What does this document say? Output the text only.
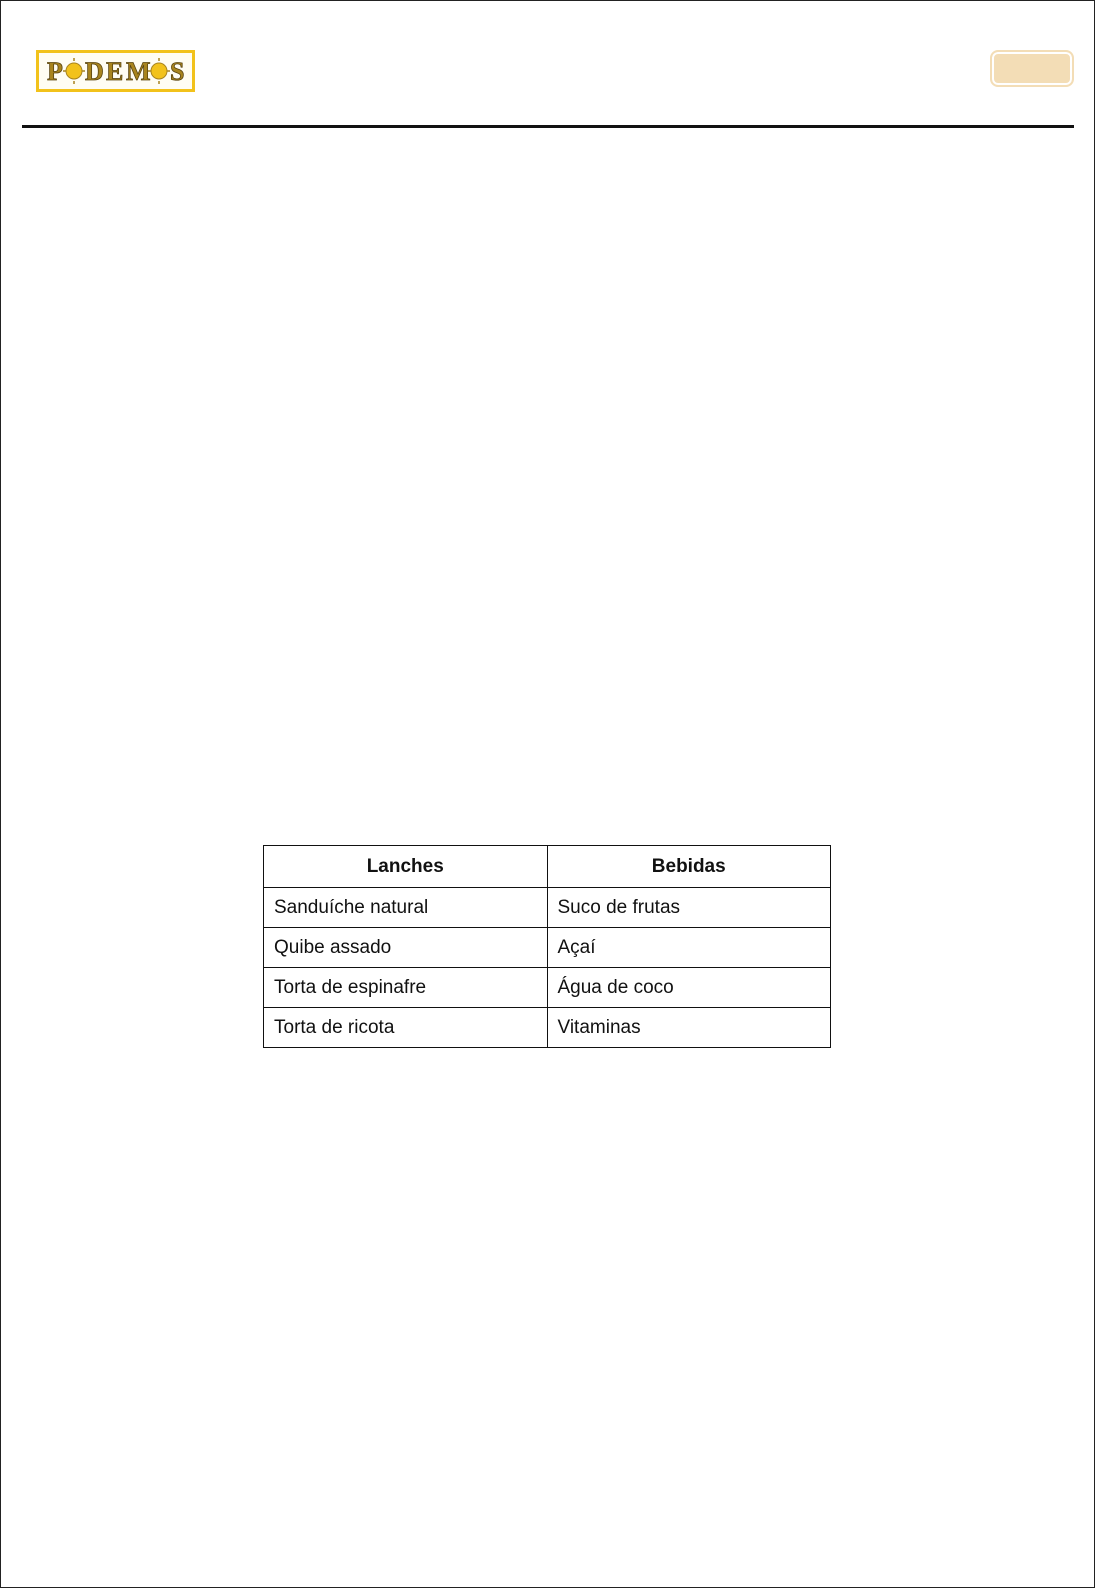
P D E M S
Lanches	Bebidas
Sanduíche natural	Suco de frutas
Quibe assado	Açaí
Torta de espinafre	Água de coco
Torta de ricota	Vitaminas
